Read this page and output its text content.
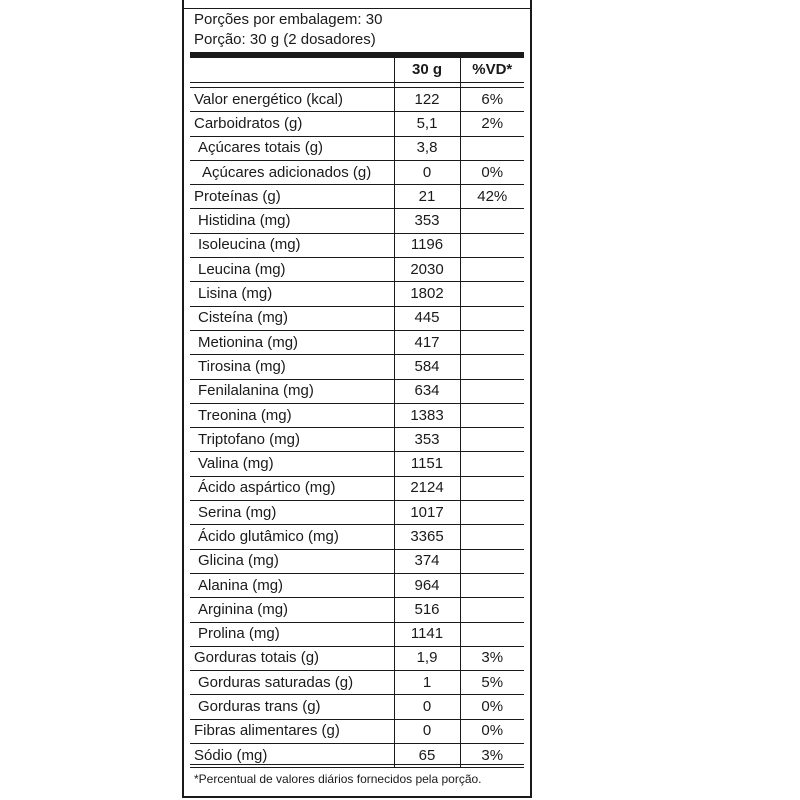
Porções por embalagem: 30
Porção: 30 g (2 dosadores)
	30 g	%VD*

Valor energético (kcal)	122	6%
Carboidratos (g)	5,1	2%
Açúcares totais (g)	3,8	
Açúcares adicionados (g)	0	0%
Proteínas (g)	21	42%
Histidina (mg)	353	
Isoleucina (mg)	1196	
Leucina (mg)	2030	
Lisina (mg)	1802	
Cisteína (mg)	445	
Metionina (mg)	417	
Tirosina (mg)	584	
Fenilalanina (mg)	634	
Treonina (mg)	1383	
Triptofano (mg)	353	
Valina (mg)	1151	
Ácido aspártico (mg)	2124	
Serina (mg)	1017	
Ácido glutâmico (mg)	3365	
Glicina (mg)	374	
Alanina (mg)	964	
Arginina (mg)	516	
Prolina (mg)	1141	
Gorduras totais (g)	1,9	3%
Gorduras saturadas (g)	1	5%
Gorduras trans (g)	0	0%
Fibras alimentares (g)	0	0%
Sódio (mg)	65	3%
*Percentual de valores diários fornecidos pela porção.
